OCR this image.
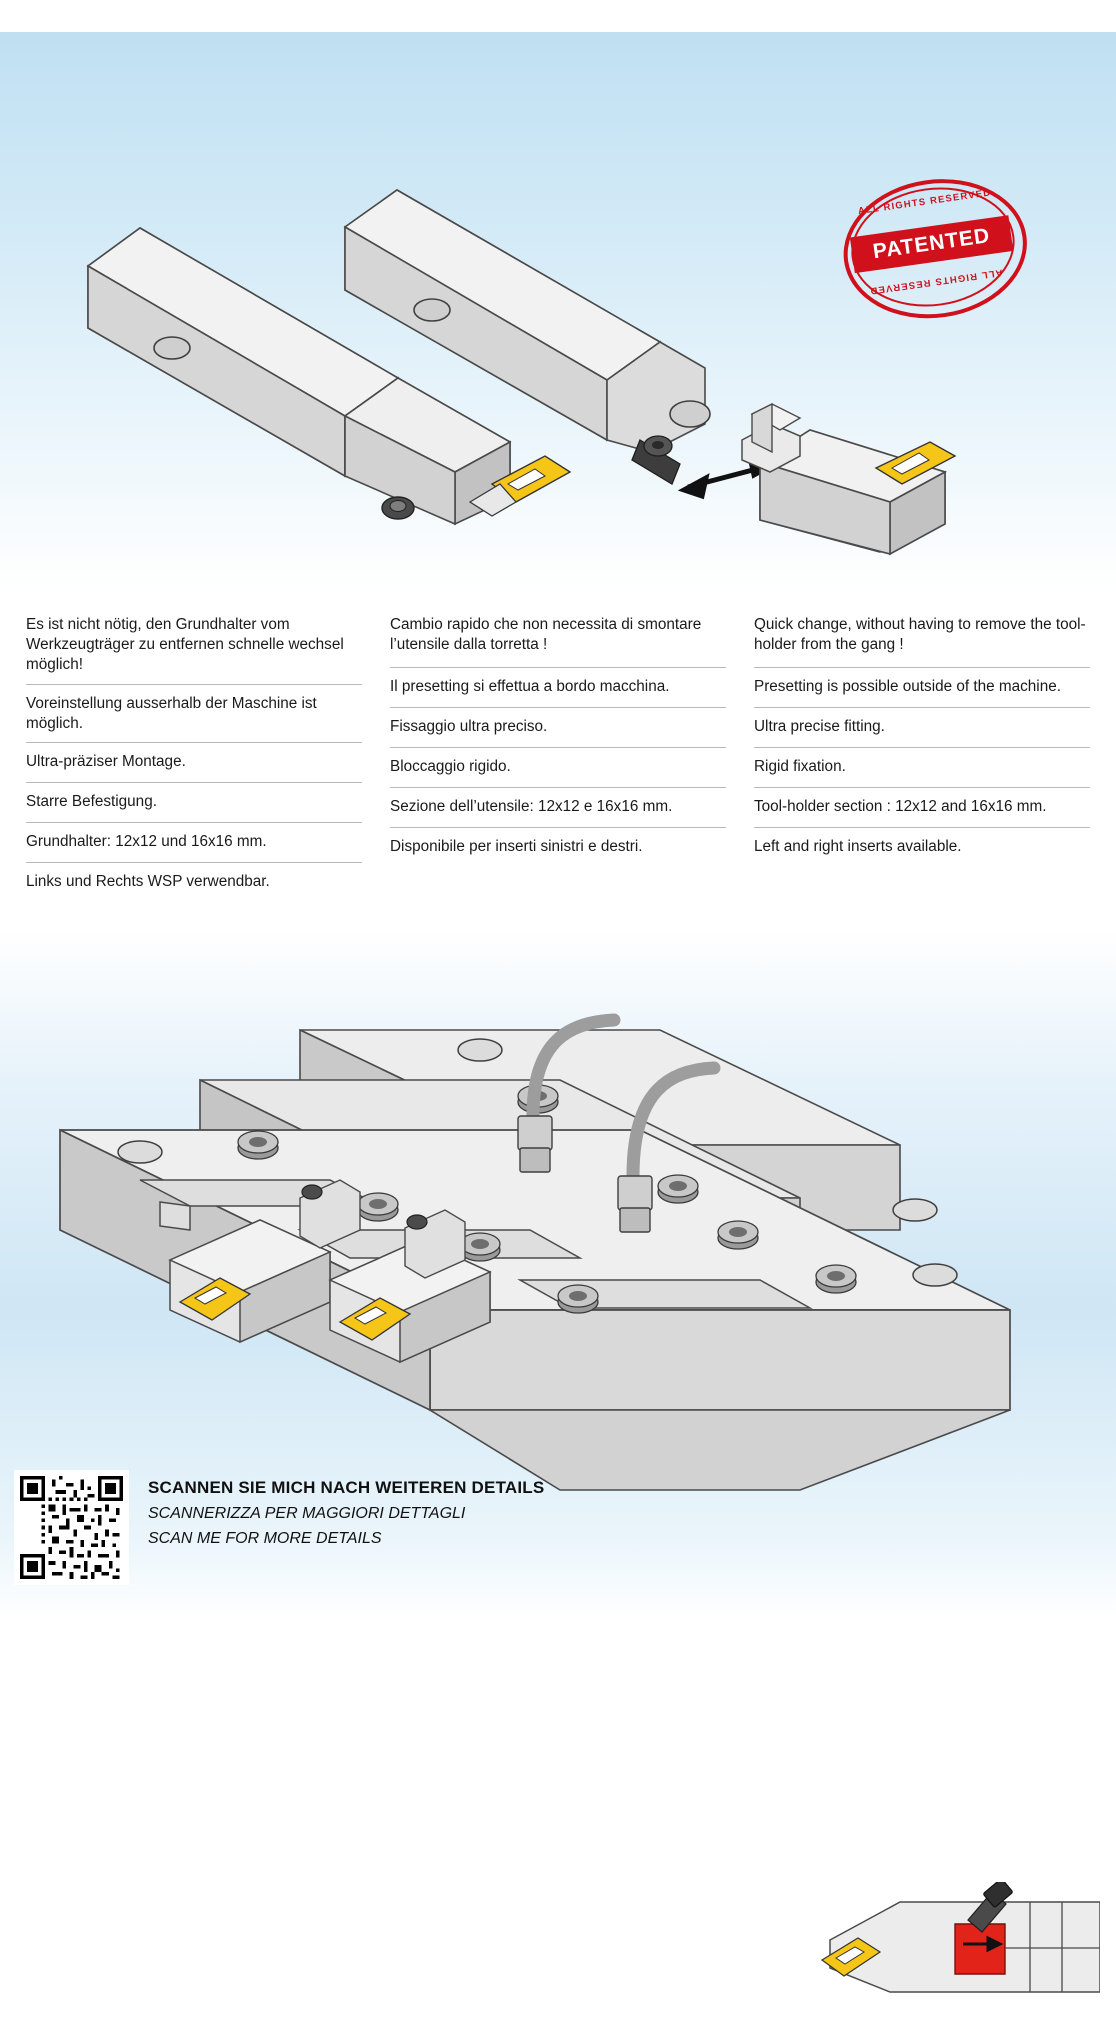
ALL RIGHTS RESERVED
PATENTED
ALL RIGHTS RESERVED
Es ist nicht nötig, den Grundhalter vom Werkzeugträger zu entfernen schnelle wechsel möglich!
Voreinstellung ausserhalb der Maschine ist möglich.
Ultra-präziser Montage.
Starre Befestigung.
Grundhalter: 12x12 und 16x16 mm.
Links und Rechts WSP verwendbar.
Cambio rapido che non necessita di smontare l’utensile dalla torretta !
Il presetting si effettua a bordo macchina.
Fissaggio ultra preciso.
Bloccaggio rigido.
Sezione dell’utensile: 12x12 e 16x16 mm.
Disponibile per inserti sinistri e destri.
Quick change, without having to remove the tool-holder from the gang !
Presetting is possible outside of the machine.
Ultra precise fitting.
Rigid fixation.
Tool-holder section : 12x12 and 16x16 mm.
Left and right inserts available.
SCANNEN SIE MICH NACH WEITEREN DETAILS
SCANNERIZZA PER MAGGIORI DETTAGLI
SCAN ME FOR MORE DETAILS
